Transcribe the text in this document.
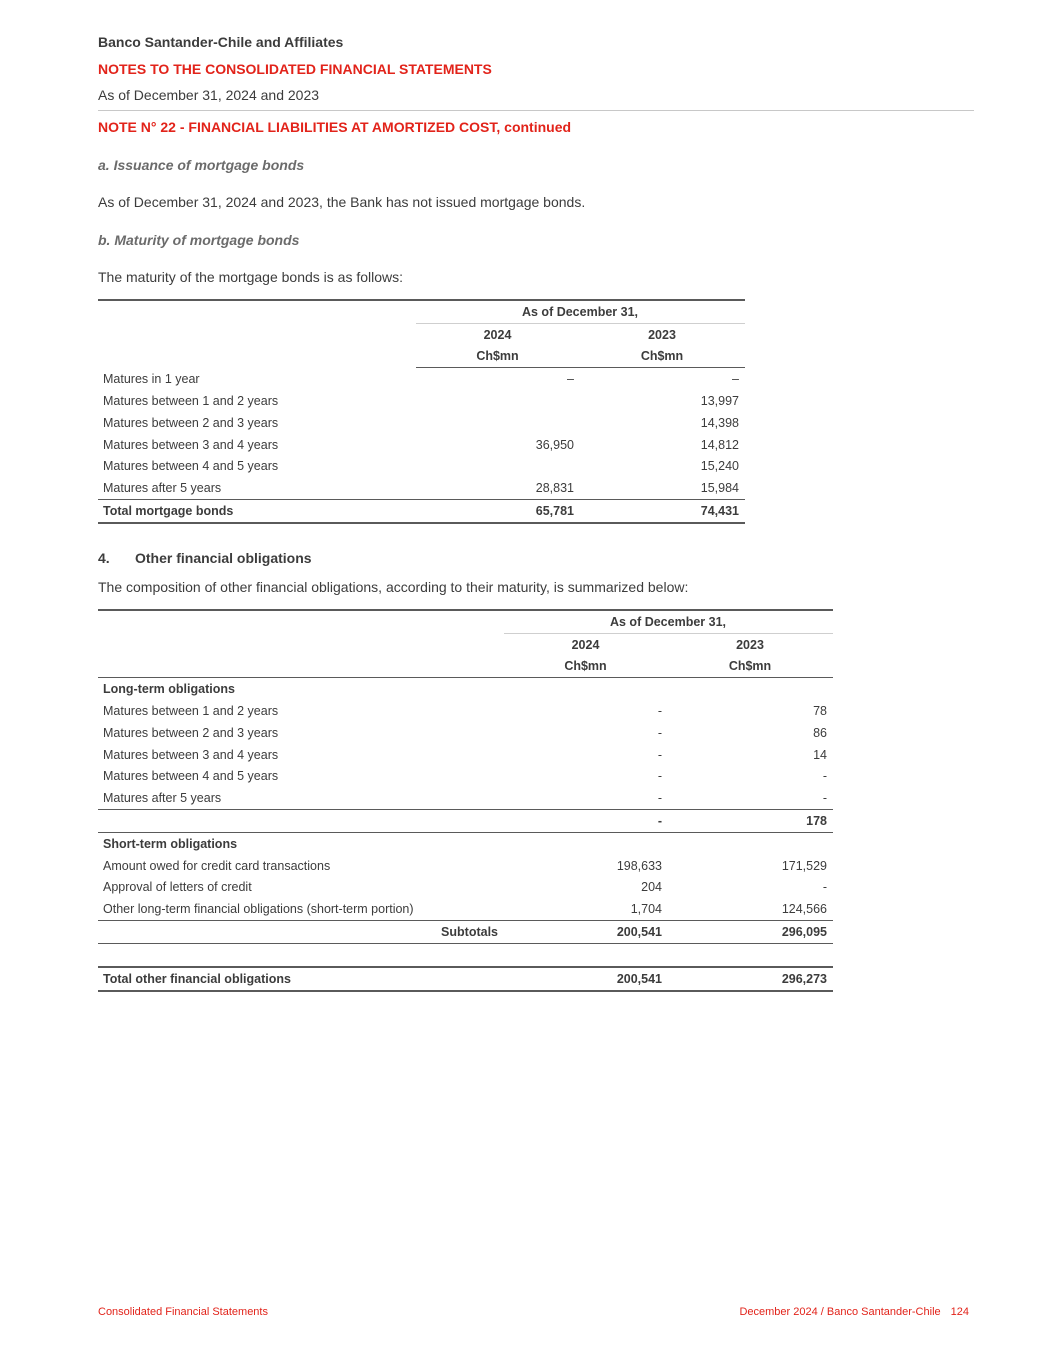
Banco Santander-Chile and Affiliates
NOTES TO THE CONSOLIDATED FINANCIAL STATEMENTS
As of December 31, 2024 and 2023
NOTE N° 22 - FINANCIAL LIABILITIES AT AMORTIZED COST, continued
a. Issuance of mortgage bonds
As of December 31, 2024 and 2023, the Bank has not issued mortgage bonds.
b. Maturity of mortgage bonds
The maturity of the mortgage bonds is as follows:
	As of December 31,	
	2024	2023
	Ch$mn	Ch$mn
Matures in 1 year	–	–
Matures between 1 and 2 years		13,997
Matures between 2 and 3 years		14,398
Matures between 3 and 4 years	36,950	14,812
Matures between 4 and 5 years		15,240
Matures after 5 years	28,831	15,984
Total mortgage bonds	65,781	74,431
4. Other financial obligations
The composition of other financial obligations, according to their maturity, is summarized below:
	As of December 31,	
	2024	2023
	Ch$mn	Ch$mn
Long-term obligations		
Matures between 1 and 2 years	-	78
Matures between 2 and 3 years	-	86
Matures between 3 and 4 years	-	14
Matures between 4 and 5 years	-	-
Matures after 5 years	-	-
	-	178
Short-term obligations		
Amount owed for credit card transactions	198,633	171,529
Approval of letters of credit	204	-
Other long-term financial obligations (short-term portion)	1,704	124,566
Subtotals	200,541	296,095

Total other financial obligations	200,541	296,273
Consolidated Financial Statements	December 2024 / Banco Santander-Chile 124
